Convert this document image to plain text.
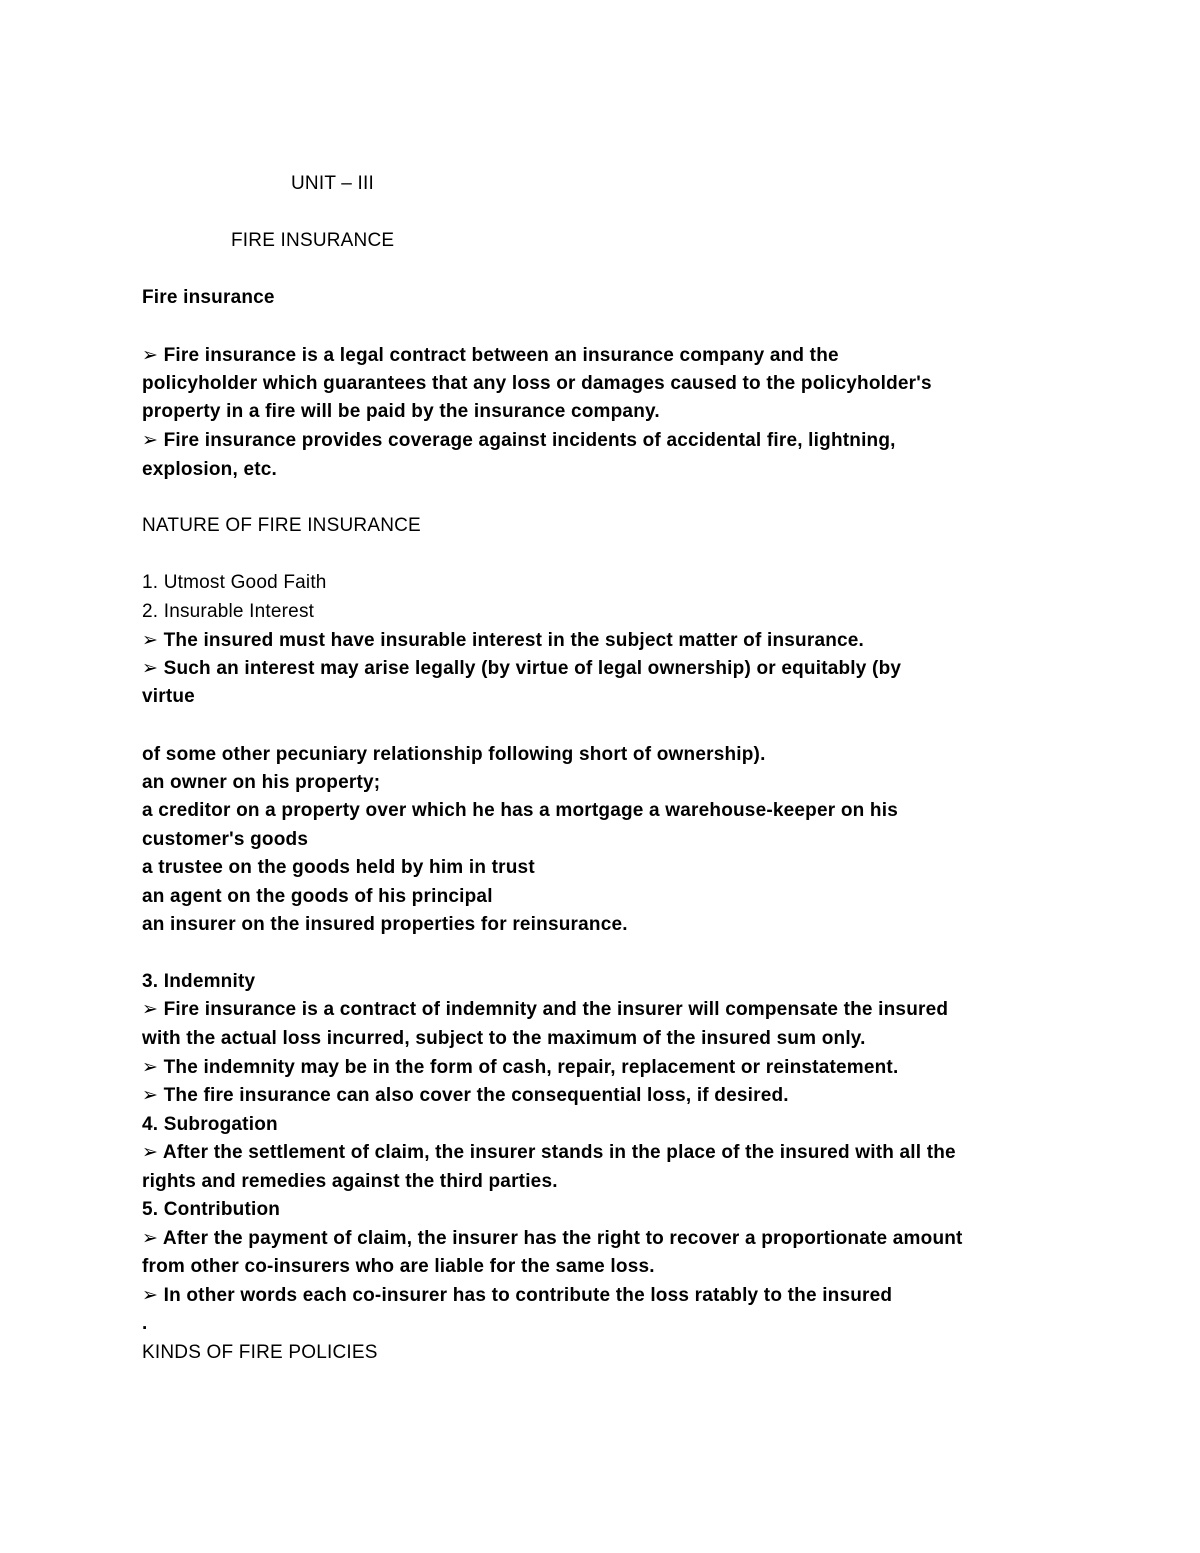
UNIT – III
FIRE INSURANCE
Fire insurance
➢ Fire insurance is a legal contract between an insurance company and the
policyholder which guarantees that any loss or damages caused to the policyholder's
property in a fire will be paid by the insurance company.
➢ Fire insurance provides coverage against incidents of accidental fire, lightning,
explosion, etc.
NATURE OF FIRE INSURANCE
1. Utmost Good Faith
2. Insurable Interest
➢ The insured must have insurable interest in the subject matter of insurance.
➢ Such an interest may arise legally (by virtue of legal ownership) or equitably (by
virtue
of some other pecuniary relationship following short of ownership).
an owner on his property;
a creditor on a property over which he has a mortgage a warehouse-keeper on his
customer's goods
a trustee on the goods held by him in trust
an agent on the goods of his principal
an insurer on the insured properties for reinsurance.
3. Indemnity
➢ Fire insurance is a contract of indemnity and the insurer will compensate the insured
with the actual loss incurred, subject to the maximum of the insured sum only.
➢ The indemnity may be in the form of cash, repair, replacement or reinstatement.
➢ The fire insurance can also cover the consequential loss, if desired.
4. Subrogation
➢ After the settlement of claim, the insurer stands in the place of the insured with all the
rights and remedies against the third parties.
5. Contribution
➢ After the payment of claim, the insurer has the right to recover a proportionate amount
from other co-insurers who are liable for the same loss.
➢ In other words each co-insurer has to contribute the loss ratably to the insured
.
KINDS OF FIRE POLICIES
